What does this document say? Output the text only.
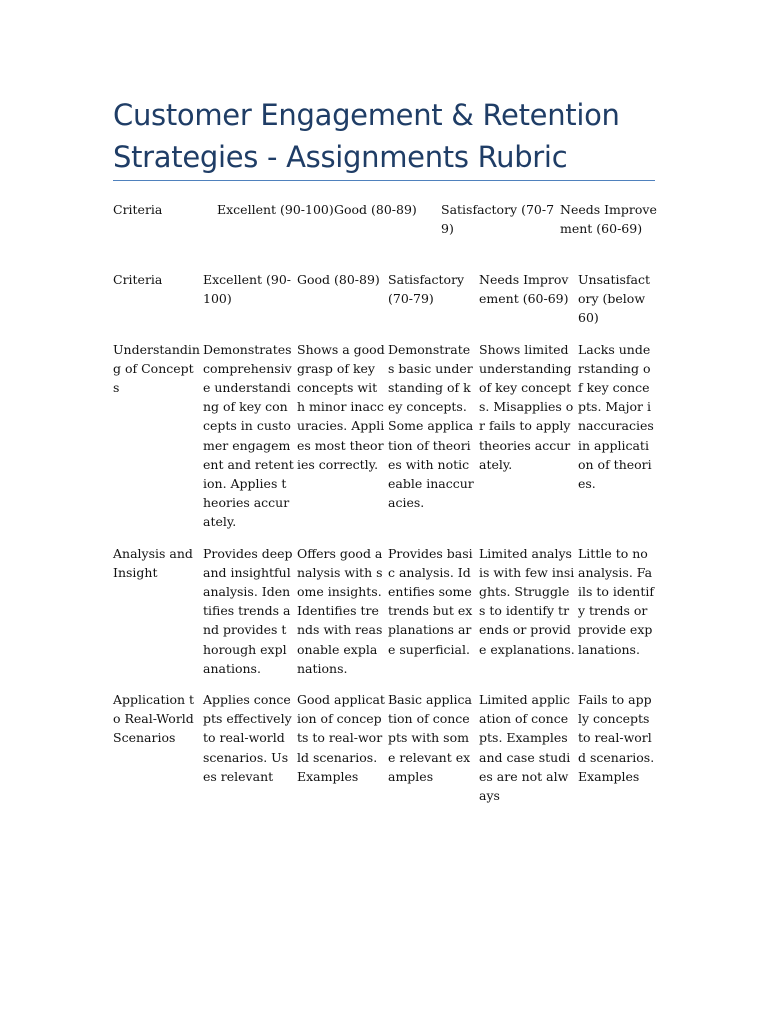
Customer Engagement & Retention Strategies - Assignments Rubric
Criteria	Excellent (90-100)	Good (80-89)	Satisfactory (70-79)	Needs Improvement (60-69)
Criteria	Excellent (90-100)	Good (80-89)	Satisfactory (70-79)	Needs Improvement (60-69)	Unsatisfactory (below 60)
Understanding of Concepts	Demonstrates comprehensive understanding of key concepts in customer engagement and retention. Applies theories accurately.	Shows a good grasp of key concepts with minor inaccuracies. Applies most theories correctly.	Demonstrates basic understanding of key concepts. Some application of theories with noticeable inaccuracies.	Shows limited understanding of key concepts. Misapplies or fails to apply theories accurately.	Lacks understanding of key concepts. Major inaccuracies in application of theories.
Analysis and Insight	Provides deep and insightful analysis. Identifies trends and provides thorough explanations.	Offers good analysis with some insights. Identifies trends with reasonable explanations.	Provides basic analysis. Identifies some trends but explanations are superficial.	Limited analysis with few insights. Struggles to identify trends or provide explanations.	Little to no analysis. Fails to identify trends or provide explanations.
Application to Real-World Scenarios	Applies concepts effectively to real-world scenarios. Uses relevant	Good application of concepts to real-world scenarios. Examples	Basic application of concepts with some relevant examples	Limited application of concepts. Examples and case studies are not always	Fails to apply concepts to real-world scenarios. Examples
